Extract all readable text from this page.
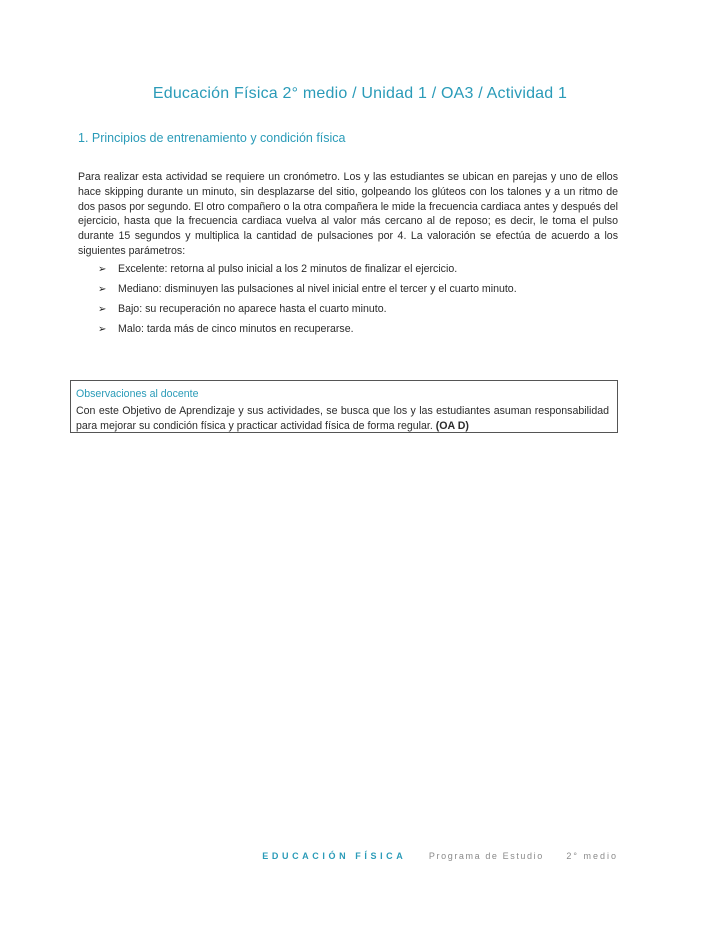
Educación Física 2° medio / Unidad 1 / OA3 / Actividad 1
1. Principios de entrenamiento y condición física

Para realizar esta actividad se requiere un cronómetro. Los y las estudiantes se ubican en parejas y uno de ellos hace skipping durante un minuto, sin desplazarse del sitio, golpeando los glúteos con los talones y a un ritmo de dos pasos por segundo. El otro compañero o la otra compañera le mide la frecuencia cardiaca antes y después del ejercicio, hasta que la frecuencia cardiaca vuelva al valor más cercano al de reposo; es decir, le toma el pulso durante 15 segundos y multiplica la cantidad de pulsaciones por 4. La valoración se efectúa de acuerdo a los siguientes parámetros:

➢ Excelente: retorna al pulso inicial a los 2 minutos de finalizar el ejercicio.
➢ Mediano: disminuyen las pulsaciones al nivel inicial entre el tercer y el cuarto minuto.
➢ Bajo: su recuperación no aparece hasta el cuarto minuto.
➢ Malo: tarda más de cinco minutos en recuperarse.
Observaciones al docente
Con este Objetivo de Aprendizaje y sus actividades, se busca que los y las estudiantes asuman responsabilidad para mejorar su condición física y practicar actividad física de forma regular. (OA D)
EDUCACIÓN FÍSICA	Programa de Estudio	2° medio
